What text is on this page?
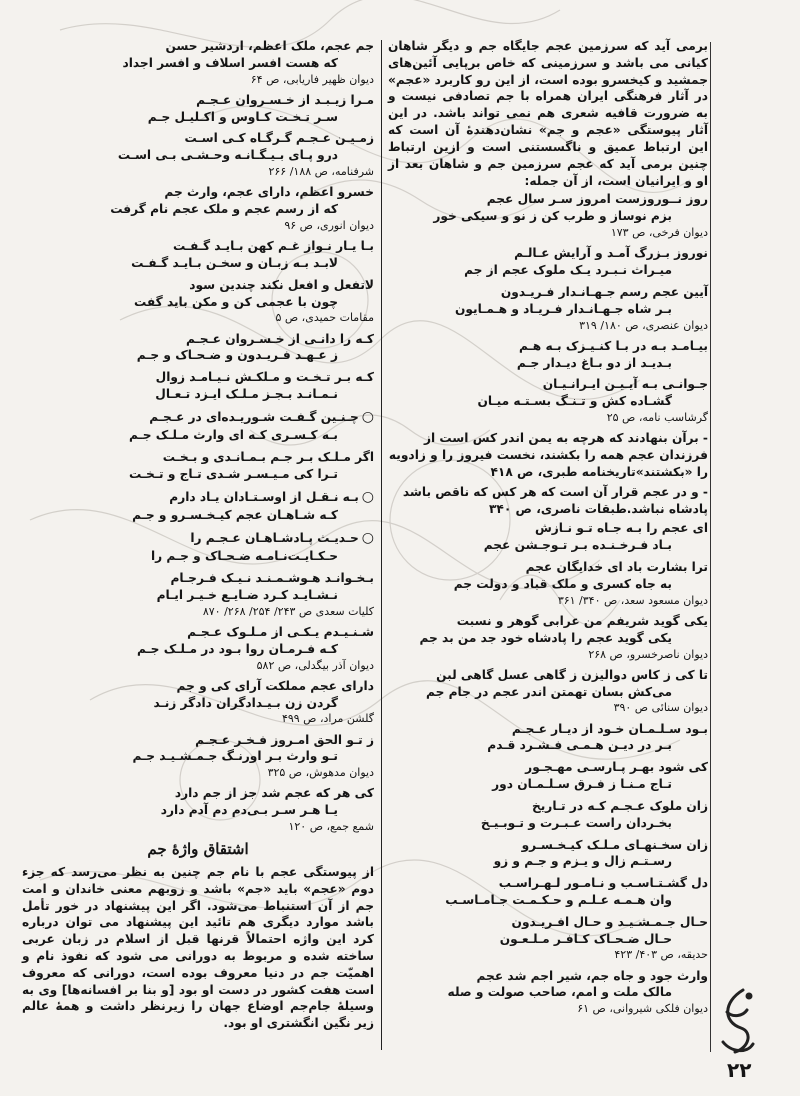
برمی آید که سرزمین عجم جایگاه جم و دیگر شاهان کیانی می باشد و سرزمینی که خاص برپایی آئین‌های جمشید و کیخسرو بوده است، از این رو کاربرد «عجم» در آثار فرهنگی ایران همراه با جم تصادفی نیست و به ضرورت قافیه شعری هم نمی تواند باشد. در این آثار پیوستگی «عجم و جم» نشان‌دهندهٔ آن است که این ارتباط عمیق و ناگسستنی است و ازین ارتباط چنین برمی آید که عجم سرزمین جم و شاهان بعد از او و ایرانیان است، از آن جمله:

روز نــوروزست امروز سـر سال عجم
بزم نوساز و طرب کن ز نو و سیکی خور
دیوان فرخی، ص ۱۷۳
نوروز بـزرگ آمـد و آرایش عـالـم
میـراث نـبـرد یـک ملوک عجم از جم
آیین عجم رسم جـهـانـدار فـریـدون
بـر شاه جـهـانـدار فـریـاد و هـمـایون
دیوان عنصری، ص ۱۸۰/ ۳۱۹
بیـامـد بـه در بـا کنـیـزک بـه هـم
بـدیـد از دو بـاغ دیـدار جـم
جـوانـی بـه آیـیـن ایـرانـیـان
گشـاده کش و تـنـگ بسـتـه میـان
گرشاسب نامه، ص ۲۵
- برآن بنهادند که هرچه به یمن اندر کس است از فرزندان عجم همه را بکشند، نخست فیروز را و زادویه را «بکشتند»تاریخنامه طبری، ص ۴۱۸
- و در عجم قرار آن است که هر کس که ناقص باشد پادشاه نباشد.طبقات ناصری، ص ۳۴۰
ای عجم را بـه جـاه تـو نـازش
بـاد فـرخـنـده بـر تـوجـشن عجم
ترا بشارت باد ای خدایگان عجم
به جاه کسری و ملک قباد و دولت جم
دیوان مسعود سعد، ص ۳۴۰/ ۳۶۱
یکی گوید شریفم من عرابی گوهر و نسبت
یکی گوید عجم را پادشاه خود جد من بد جم
دیوان ناصرخسرو، ص ۲۶۸
تا کی ز کاس دوالیزن ز گاهی عسل گاهی لبن
می‌کش بسان تهمتن اندر عجم در جام جم
دیوان سنائی ص ۳۹۰
بـود سـلـمـان خـود از دیـار عـجـم
بـر در دیـن هـمـی فـشـرد قـدم
کی شود بهـر پـارسـی مهـجـور
تـاج مـنـا ز فـرق سـلـمـان دور
زان ملوک عـجـم کـه در تـاریخ
بخـردان راست عـبـرت و تـوبـیـخ
زان سخـنهـای مـلـک کیـخـسـرو
رسـتـم زال و یـزم و جـم و زو
دل گشـتـاسـب و نـامـور لـهـراسـب
وان هـمـه عـلـم و حـکـمـت جـامـاسـب
حـال جـمـشـیـد و حـال افـریـدون
حـال ضـحـاک کـافـر مـلـعـون
حدیقه، ص ۴۰۳/ ۴۲۳
وارث جود و جاه جم، شیر اجم شد عجم
مالک ملت و امم، صاحب صولت و صله
دیوان فلکی شیروانی، ص ۶۱
جم عجم، ملک اعظم، اردشیر حسن
که هست افسر اسلاف و افسر اجداد
دیوان ظهیر فاریابی، ص ۶۴
مـرا زیـبـد از خـسـروان عـجـم
سـر تـخـت کـاوس و اکـلیـل جـم
زمـیـن عـجـم گـرگـاه کـی اسـت
درو پـای بـیـگـانـه وحـشـی بـی اسـت
شرفنامه، ص ۱۸۸/ ۲۶۶
خسرو اعظم، دارای عجم، وارث جم
که از رسم عجم و ملک عجم نام گرفت
دیوان انوری، ص ۹۶
بـا یـار نـواز غـم کهن بـایـد گـفـت
لابـد بـه زبـان و سخـن بـایـد گـفـت
لاتفعل و افعل نکند چندین سود
چون با عجمی کن و مکن باید گفت
مقامات حمیدی، ص ۵
کـه را دانـی از خـسـروان عـجـم
ز عـهـد فـریـدون و ضـحـاک و جـم
کـه بـر تـخـت و مـلکـش نـیـامـد زوال
نـمـانـد بـجـز مـلـک ایـزد تـعـال
○چـنـین گـفـت شـوریـده‌ای در عـجـم
بـه کـسـری کـه ای وارث مـلـک جـم
اگر مـلـک بـر جـم بـمـانـدی و بـخـت
تـرا کی مـیـسـر شـدی تـاج و تـخـت
○بـه نـقـل از اوسـتـادان یـاد دارم
کـه شـاهـان عجم کیـخـسـرو و جـم
○حـدیـث پـادشـاهـان عـجـم را
حـکـایـت‌نـامـه ضـحـاک و جـم را
بـخـوانـد هـوشـمـنـد نـیـک فـرجـام
نـشـایـد کـرد ضـایـع خـیـر ایـام
کلیات سعدی ص ۲۴۳/ ۲۵۴/ ۲۶۸/ ۸۷۰
شـنـیـدم یـکـی از مـلـوک عـجـم
کـه فـرمـان روا بـود در مـلـک جـم
دیوان آذر بیگدلی، ص ۵۸۲
دارای عجم مملکت آرای کی و جم
گردن زن بـیـدادگران دادگر زنـد
گلشن مراد، ص ۴۹۹
ز تـو الحق امـروز فـخـر عـجـم
تـو وارث بـر اورنـگ جـمـشـیـد جـم
دیوان مدهوش، ص ۳۲۵
کی هر که عجم شد جز از جم دارد
یـا هـر سـر بـی‌دم دم آدم دارد
شمع جمع، ص ۱۲۰
اشتقاق واژهٔ جم

از پیوستگی عجم با نام جم چنین به نظر می‌رسد که جزء دوم «عجم» باید «جم» باشد و زوبهم معنی خاندان و امت جم از آن استنباط می‌شود. اگر این پیشنهاد در خور تأمل باشد موارد دیگری هم تائید این پیشنهاد می توان درباره کرد این واژه احتمالاً قرنها قبل از اسلام در زبان عربی ساخته شده و مربوط به دورانی می شود که نفوذ نام و اهمیّت جم در دنیا معروف بوده است، دورانی که معروف است هفت کشور در دست او بود [و بنا بر افسانه‌ها] وی به وسیلهٔ جام‌جم اوضاع جهان را زیرنظر داشت و همهٔ عالم زیر نگین انگشتری او بود.

۲۲
